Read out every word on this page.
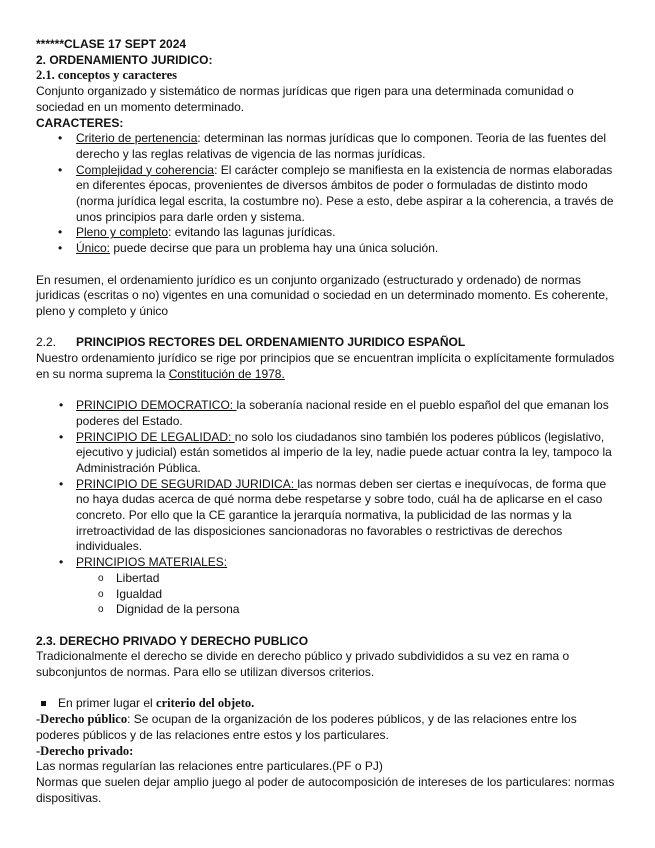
******CLASE 17 SEPT 2024

2. ORDENAMIENTO JURIDICO:

2.1. conceptos y caracteres

Conjunto organizado y sistemático de normas jurídicas que rigen para una determinada comunidad o sociedad en un momento determinado.

CARACTERES:

• Criterio de pertenencia: determinan las normas jurídicas que lo componen. Teoria de las fuentes del derecho y las reglas relativas de vigencia de las normas jurídicas.
• Complejidad y coherencia: El carácter complejo se manifiesta en la existencia de normas elaboradas en diferentes épocas, provenientes de diversos ámbitos de poder o formuladas de distinto modo (norma jurídica legal escrita, la costumbre no). Pese a esto, debe aspirar a la coherencia, a través de unos principios para darle orden y sistema.
• Pleno y completo: evitando las lagunas jurídicas.
• Único: puede decirse que para un problema hay una única solución.

En resumen, el ordenamiento jurídico es un conjunto organizado (estructurado y ordenado) de normas juridicas (escritas o no) vigentes en una comunidad o sociedad en un determinado momento. Es coherente, pleno y completo y único

2.2. PRINCIPIOS RECTORES DEL ORDENAMIENTO JURIDICO ESPAÑOL

Nuestro ordenamiento jurídico se rige por principios que se encuentran implícita o explícitamente formulados en su norma suprema la Constitución de 1978.

• PRINCIPIO DEMOCRATICO: la soberanía nacional reside en el pueblo español del que emanan los poderes del Estado.
• PRINCIPIO DE LEGALIDAD: no solo los ciudadanos sino también los poderes públicos (legislativo, ejecutivo y judicial) están sometidos al imperio de la ley, nadie puede actuar contra la ley, tampoco la Administración Pública.
• PRINCIPIO DE SEGURIDAD JURIDICA: las normas deben ser ciertas e inequívocas, de forma que no haya dudas acerca de qué norma debe respetarse y sobre todo, cuál ha de aplicarse en el caso concreto. Por ello que la CE garantice la jerarquía normativa, la publicidad de las normas y la irretroactividad de las disposiciones sancionadoras no favorables o restrictivas de derechos individuales.
• PRINCIPIOS MATERIALES:
o Libertad
o Igualdad
o Dignidad de la persona

2.3. DERECHO PRIVADO Y DERECHO PUBLICO

Tradicionalmente el derecho se divide en derecho público y privado subdivididos a su vez en rama o subconjuntos de normas. Para ello se utilizan diversos criterios.

En primer lugar el criterio del objeto.

-Derecho público: Se ocupan de la organización de los poderes públicos, y de las relaciones entre los poderes públicos y de las relaciones entre estos y los particulares.

-Derecho privado:

Las normas regularían las relaciones entre particulares.(PF o PJ)

Normas que suelen dejar amplio juego al poder de autocomposición de intereses de los particulares: normas dispositivas.
